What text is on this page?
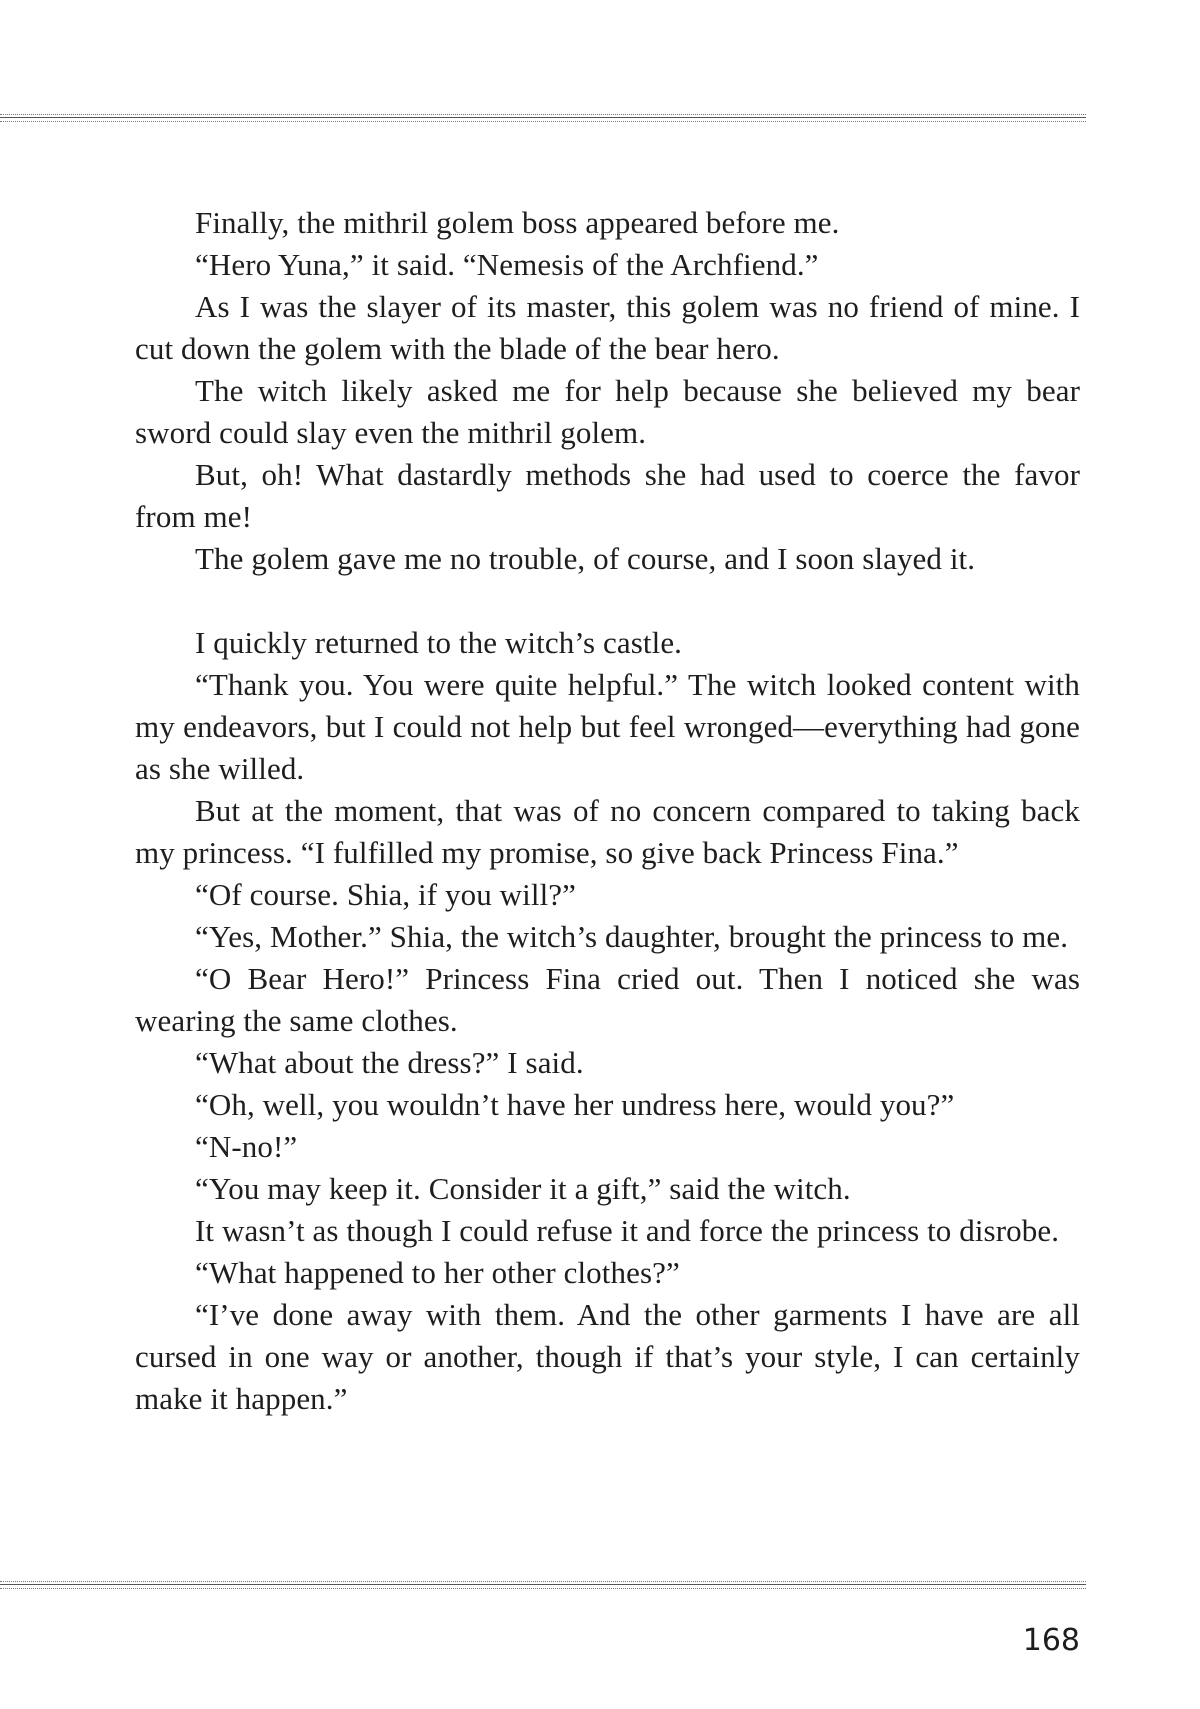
Finally, the mithril golem boss appeared before me.

“Hero Yuna,” it said. “Nemesis of the Archfiend.”

As I was the slayer of its master, this golem was no friend of mine. I cut down the golem with the blade of the bear hero.

The witch likely asked me for help because she believed my bear sword could slay even the mithril golem.

But, oh! What dastardly methods she had used to coerce the favor from me!

The golem gave me no trouble, of course, and I soon slayed it.

I quickly returned to the witch’s castle.

“Thank you. You were quite helpful.” The witch looked content with my endeavors, but I could not help but feel wronged—everything had gone as she willed.

But at the moment, that was of no concern compared to taking back my princess. “I fulfilled my promise, so give back Princess Fina.”

“Of course. Shia, if you will?”

“Yes, Mother.” Shia, the witch’s daughter, brought the princess to me.

“O Bear Hero!” Princess Fina cried out. Then I noticed she was wearing the same clothes.

“What about the dress?” I said.

“Oh, well, you wouldn’t have her undress here, would you?”

“N-no!”

“You may keep it. Consider it a gift,” said the witch.

It wasn’t as though I could refuse it and force the princess to disrobe.

“What happened to her other clothes?”

“I’ve done away with them. And the other garments I have are all cursed in one way or another, though if that’s your style, I can certainly make it happen.”

168
